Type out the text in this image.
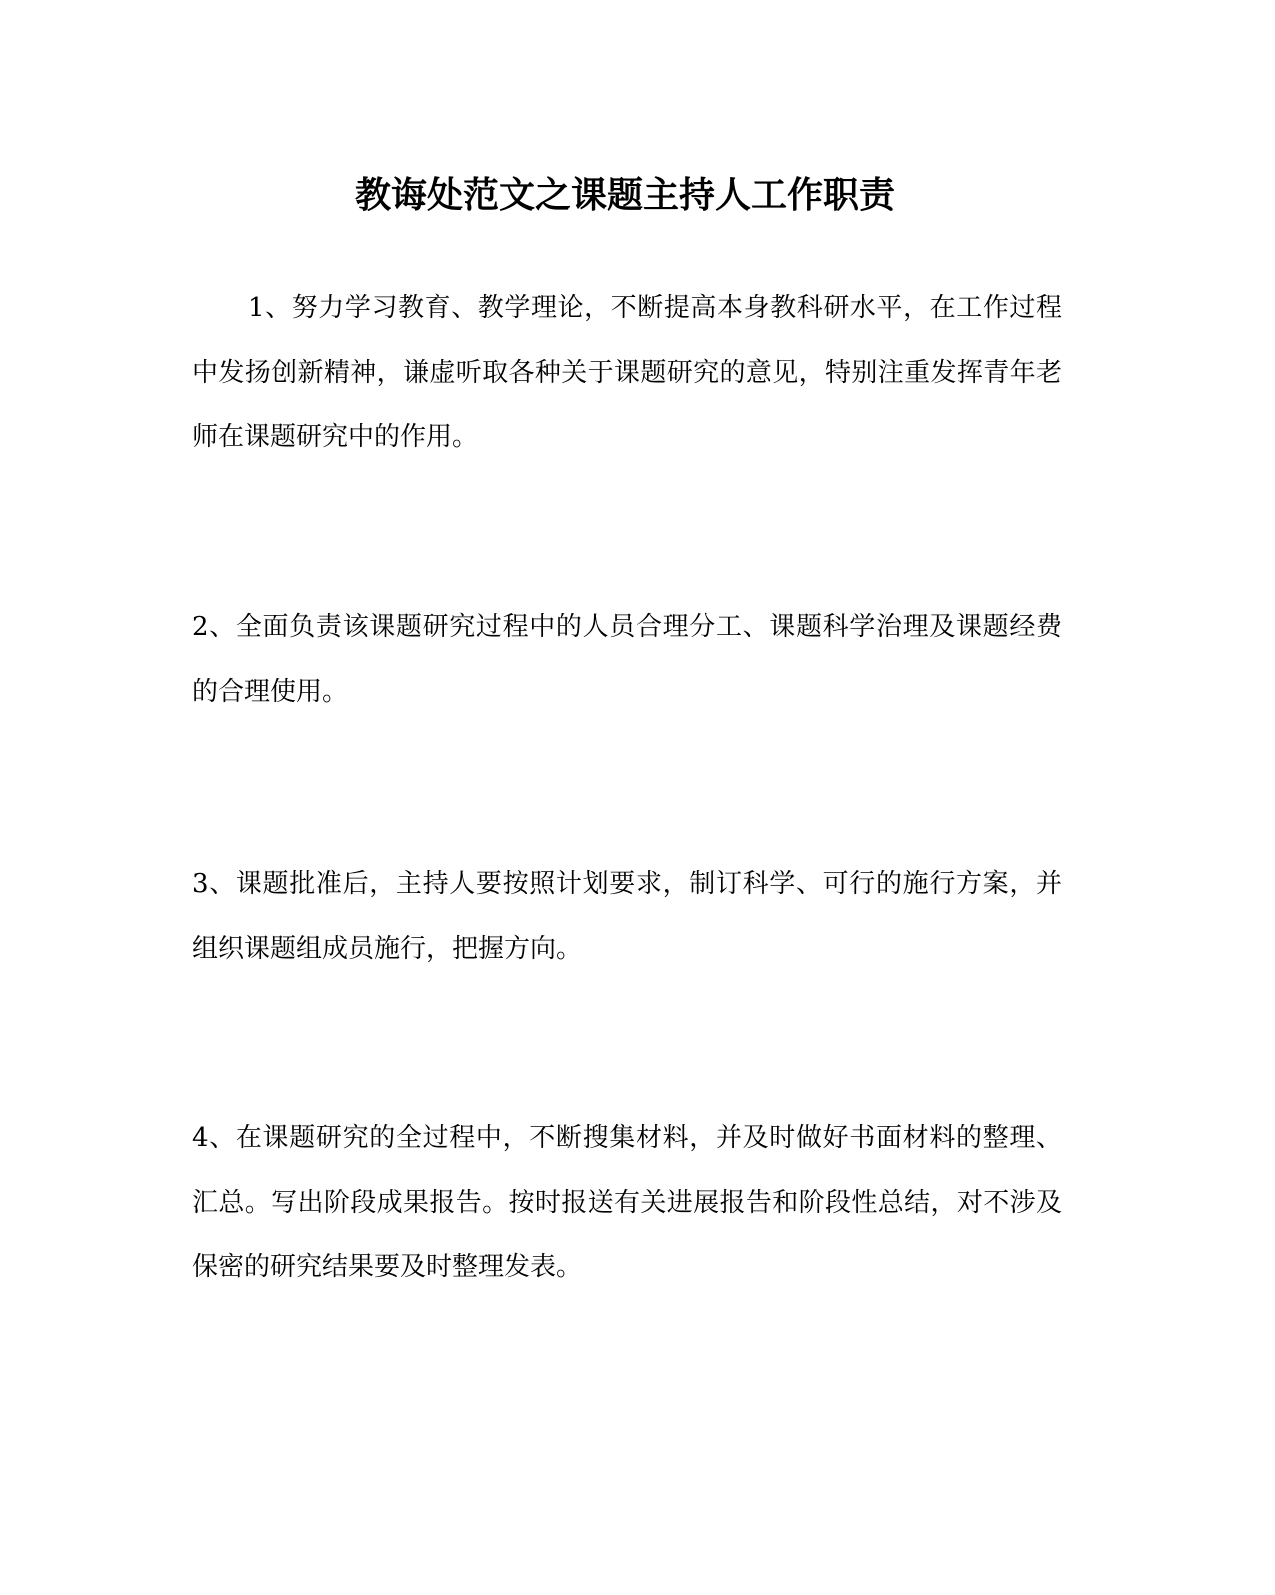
教诲处范文之课题主持人工作职责

1、努力学习教育、教学理论，不断提高本身教科研水平，在工作过程中发扬创新精神，谦虚听取各种关于课题研究的意见，特别注重发挥青年老师在课题研究中的作用。

2、全面负责该课题研究过程中的人员合理分工、课题科学治理及课题经费的合理使用。

3、课题批准后，主持人要按照计划要求，制订科学、可行的施行方案，并组织课题组成员施行，把握方向。

4、在课题研究的全过程中，不断搜集材料，并及时做好书面材料的整理、汇总。写出阶段成果报告。按时报送有关进展报告和阶段性总结，对不涉及保密的研究结果要及时整理发表。
